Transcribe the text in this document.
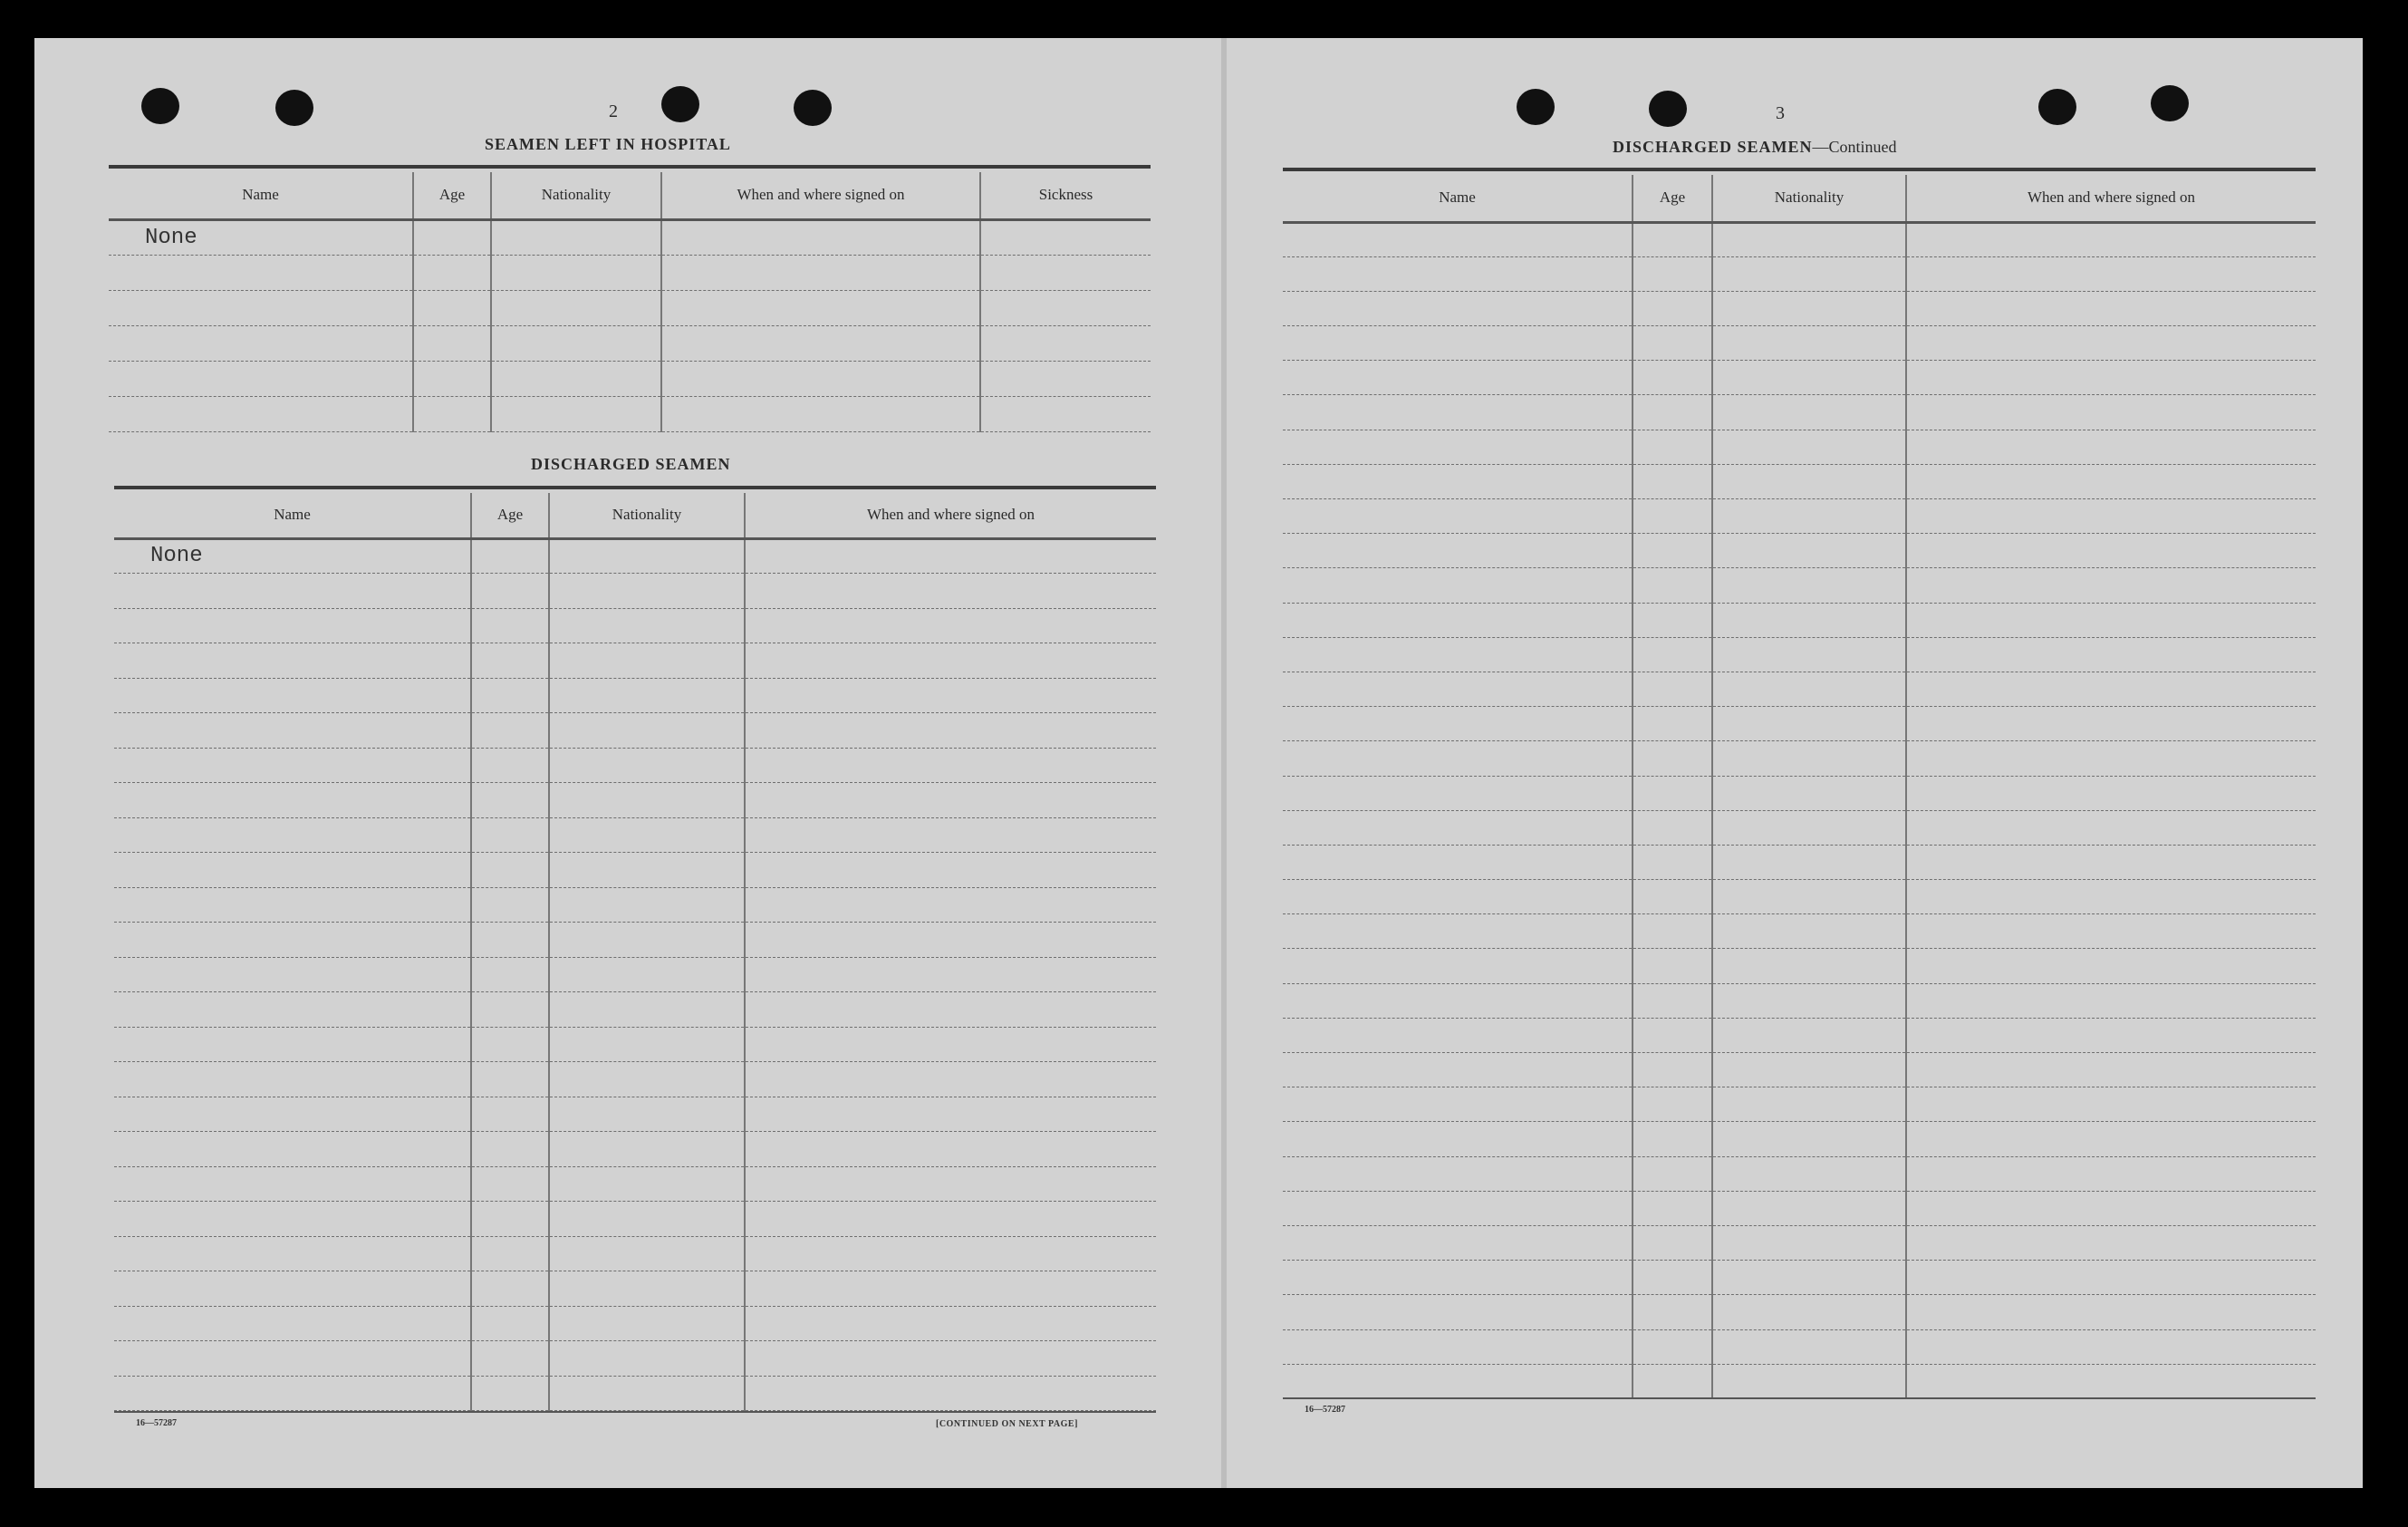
2
SEAMEN LEFT IN HOSPITAL
Name	Age	Nationality	When and where signed on	Sickness
None				

DISCHARGED SEAMEN
Name	Age	Nationality	When and where signed on
None			

16—57287	[CONTINUED ON NEXT PAGE]
3
DISCHARGED SEAMEN—Continued
Name	Age	Nationality	When and where signed on

16—57287
